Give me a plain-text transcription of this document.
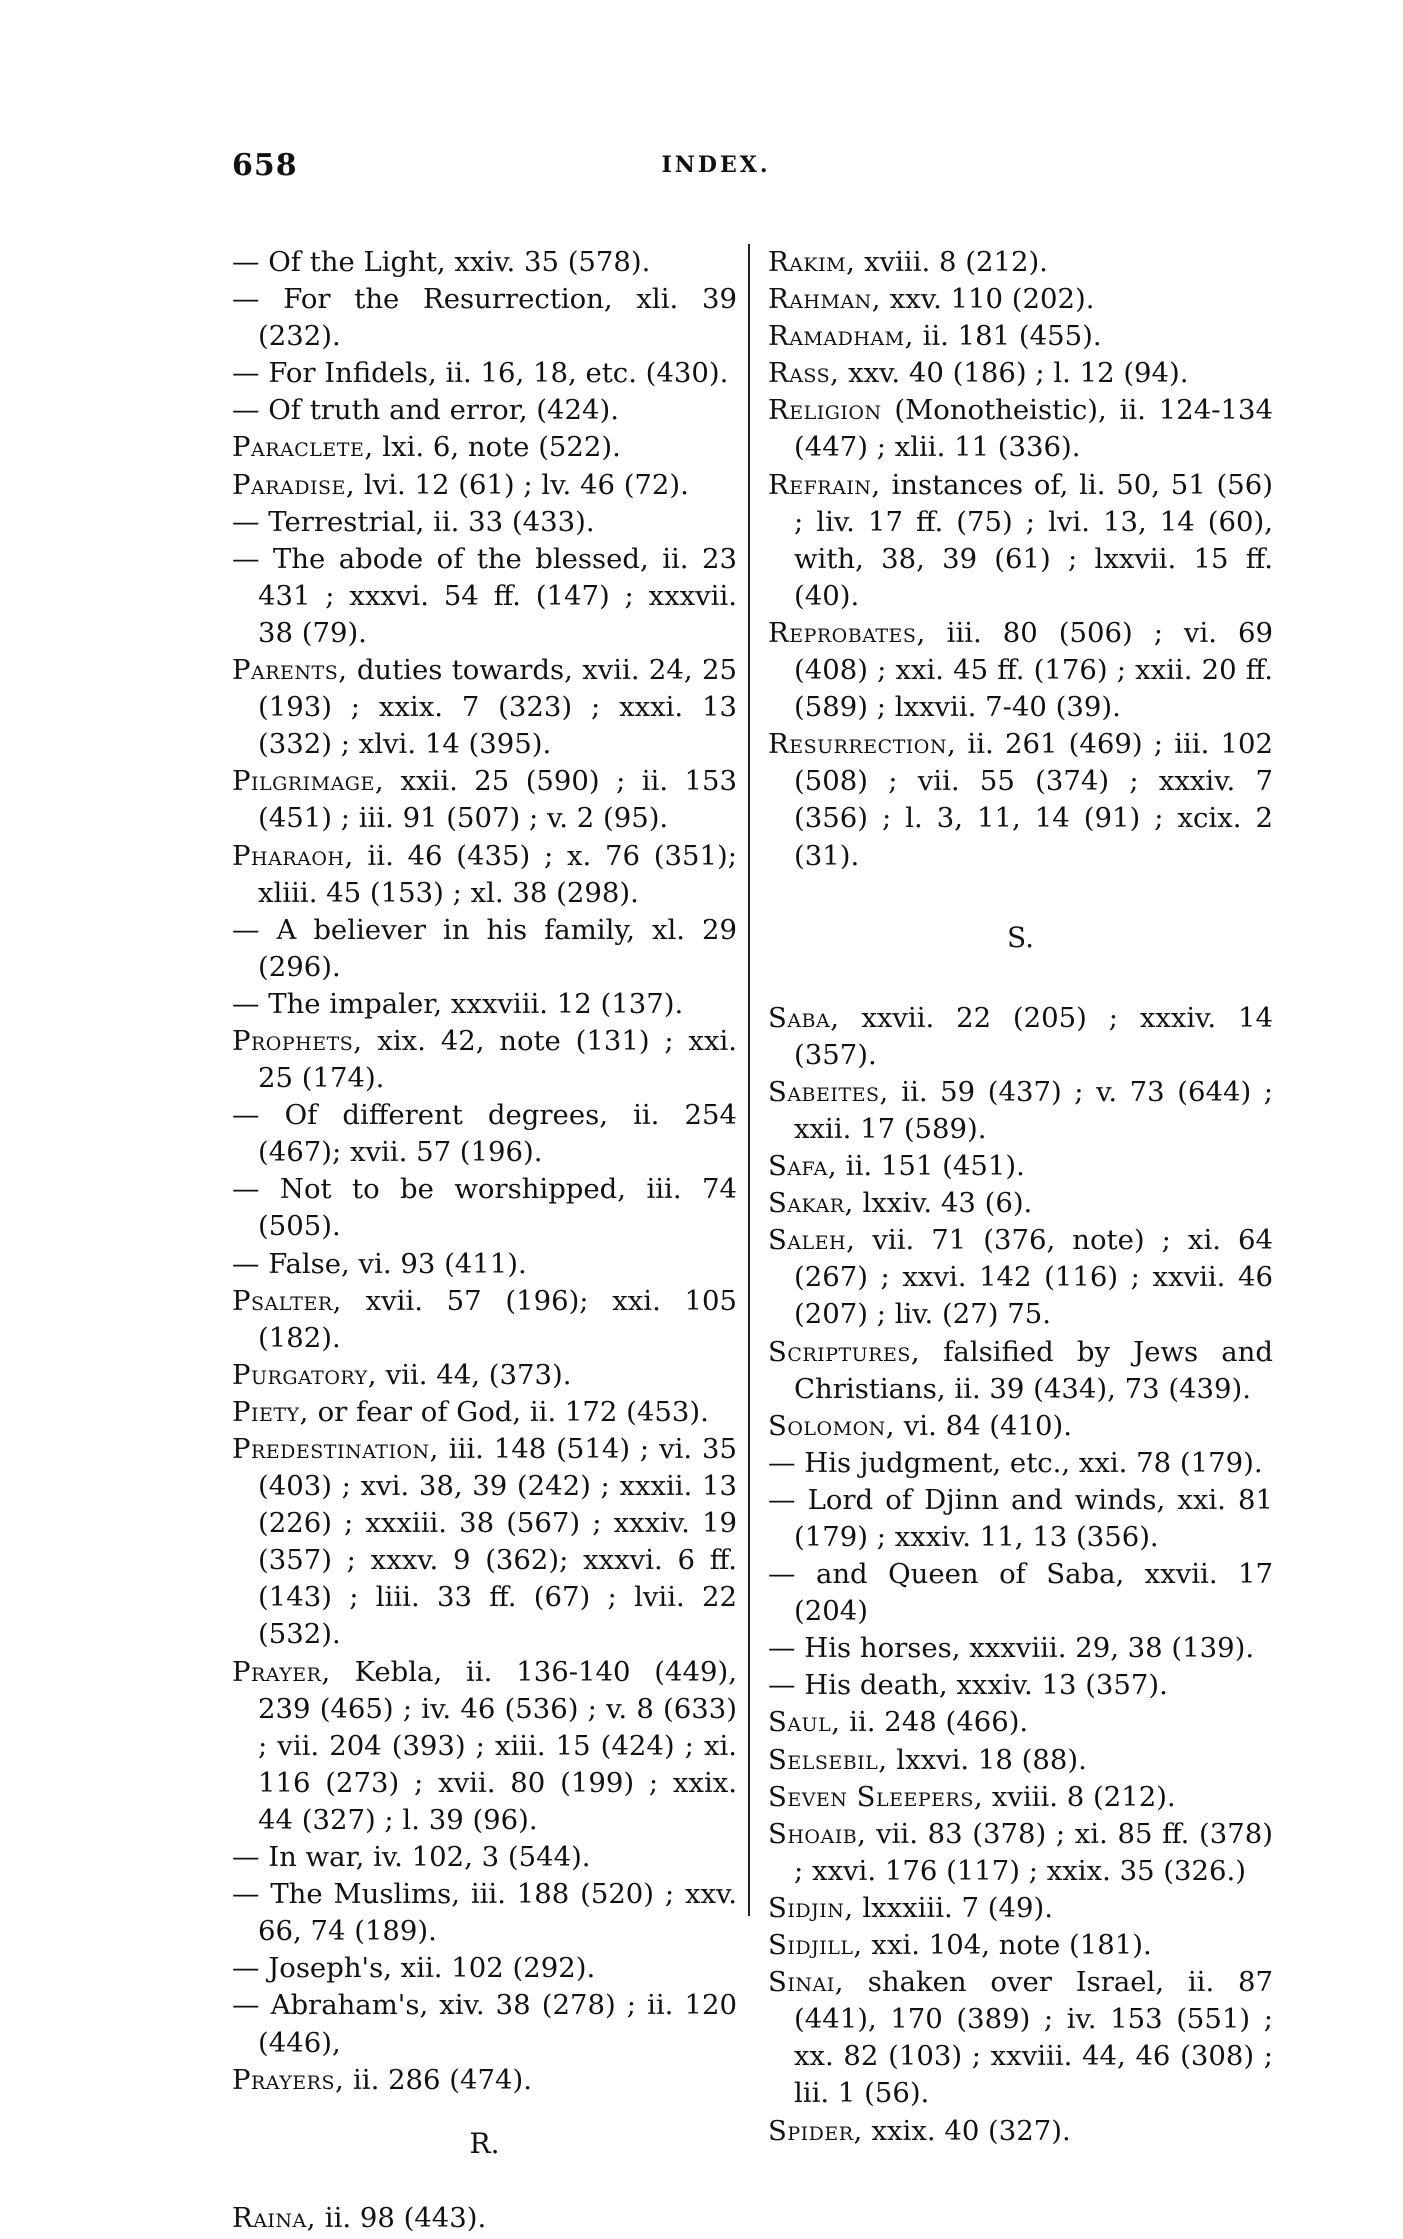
658	INDEX.

— Of the Light, xxiv. 35 (578).

— For the Resurrection, xli. 39 (232).

— For Infidels, ii. 16, 18, etc. (430).

— Of truth and error, (424).

Paraclete, lxi. 6, note (522).

Paradise, lvi. 12 (61) ; lv. 46 (72).

— Terrestrial, ii. 33 (433).

— The abode of the blessed, ii. 23 431 ; xxxvi. 54 ff. (147) ; xxxvii. 38 (79).

Parents, duties towards, xvii. 24, 25 (193) ; xxix. 7 (323) ; xxxi. 13 (332) ; xlvi. 14 (395).

Pilgrimage, xxii. 25 (590) ; ii. 153 (451) ; iii. 91 (507) ; v. 2 (95).

Pharaoh, ii. 46 (435) ; x. 76 (351); xliii. 45 (153) ; xl. 38 (298).

— A believer in his family, xl. 29 (296).

— The impaler, xxxviii. 12 (137).

Prophets, xix. 42, note (131) ; xxi. 25 (174).

— Of different degrees, ii. 254 (467); xvii. 57 (196).

— Not to be worshipped, iii. 74 (505).

— False, vi. 93 (411).

Psalter, xvii. 57 (196); xxi. 105 (182).

Purgatory, vii. 44, (373).

Piety, or fear of God, ii. 172 (453).

Predestination, iii. 148 (514) ; vi. 35 (403) ; xvi. 38, 39 (242) ; xxxii. 13 (226) ; xxxiii. 38 (567) ; xxxiv. 19 (357) ; xxxv. 9 (362); xxxvi. 6 ff. (143) ; liii. 33 ff. (67) ; lvii. 22 (532).

Prayer, Kebla, ii. 136-140 (449), 239 (465) ; iv. 46 (536) ; v. 8 (633) ; vii. 204 (393) ; xiii. 15 (424) ; xi. 116 (273) ; xvii. 80 (199) ; xxix. 44 (327) ; l. 39 (96).

— In war, iv. 102, 3 (544).

— The Muslims, iii. 188 (520) ; xxv. 66, 74 (189).

— Joseph's, xii. 102 (292).

— Abraham's, xiv. 38 (278) ; ii. 120 (446),

Prayers, ii. 286 (474).

R.

Raina, ii. 98 (443).

Rakim, xviii. 8 (212).

Rahman, xxv. 110 (202).

Ramadham, ii. 181 (455).

Rass, xxv. 40 (186) ; l. 12 (94).

Religion (Monotheistic), ii. 124-134 (447) ; xlii. 11 (336).

Refrain, instances of, li. 50, 51 (56) ; liv. 17 ff. (75) ; lvi. 13, 14 (60), with, 38, 39 (61) ; lxxvii. 15 ff. (40).

Reprobates, iii. 80 (506) ; vi. 69 (408) ; xxi. 45 ff. (176) ; xxii. 20 ff. (589) ; lxxvii. 7-40 (39).

Resurrection, ii. 261 (469) ; iii. 102 (508) ; vii. 55 (374) ; xxxiv. 7 (356) ; l. 3, 11, 14 (91) ; xcix. 2 (31).

S.

Saba, xxvii. 22 (205) ; xxxiv. 14 (357).

Sabeites, ii. 59 (437) ; v. 73 (644) ; xxii. 17 (589).

Safa, ii. 151 (451).

Sakar, lxxiv. 43 (6).

Saleh, vii. 71 (376, note) ; xi. 64 (267) ; xxvi. 142 (116) ; xxvii. 46 (207) ; liv. (27) 75.

Scriptures, falsified by Jews and Christians, ii. 39 (434), 73 (439).

Solomon, vi. 84 (410).

— His judgment, etc., xxi. 78 (179).

— Lord of Djinn and winds, xxi. 81 (179) ; xxxiv. 11, 13 (356).

— and Queen of Saba, xxvii. 17 (204)

— His horses, xxxviii. 29, 38 (139).

— His death, xxxiv. 13 (357).

Saul, ii. 248 (466).

Selsebil, lxxvi. 18 (88).

Seven Sleepers, xviii. 8 (212).

Shoaib, vii. 83 (378) ; xi. 85 ff. (378) ; xxvi. 176 (117) ; xxix. 35 (326.)

Sidjin, lxxxiii. 7 (49).

Sidjill, xxi. 104, note (181).

Sinai, shaken over Israel, ii. 87 (441), 170 (389) ; iv. 153 (551) ; xx. 82 (103) ; xxviii. 44, 46 (308) ; lii. 1 (56).

Spider, xxix. 40 (327).
